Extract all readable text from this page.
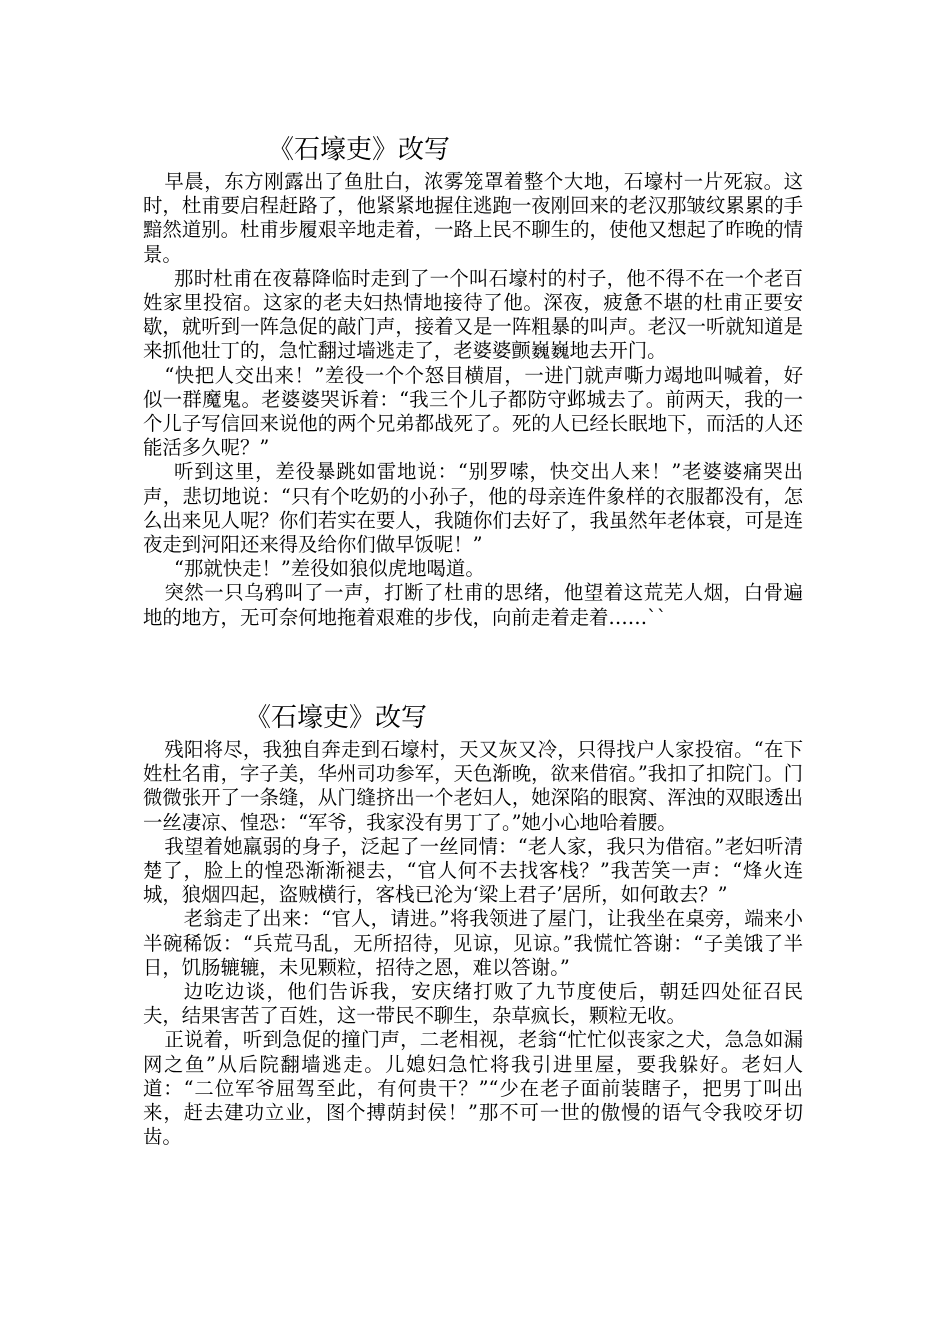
《石壕吏》改写

早晨，东方刚露出了鱼肚白，浓雾笼罩着整个大地，石壕村一片死寂。这时，杜甫要启程赶路了，他紧紧地握住逃跑一夜刚回来的老汉那皱纹累累的手黯然道别。杜甫步履艰辛地走着，一路上民不聊生的，使他又想起了昨晚的情景。

那时杜甫在夜幕降临时走到了一个叫石壕村的村子，他不得不在一个老百姓家里投宿。这家的老夫妇热情地接待了他。深夜，疲惫不堪的杜甫正要安歇，就听到一阵急促的敲门声，接着又是一阵粗暴的叫声。老汉一听就知道是来抓他壮丁的，急忙翻过墙逃走了，老婆婆颤巍巍地去开门。

“快把人交出来！”差役一个个怒目横眉，一进门就声嘶力竭地叫喊着，好似一群魔鬼。老婆婆哭诉着：“我三个儿子都防守邺城去了。前两天，我的一个儿子写信回来说他的两个兄弟都战死了。死的人已经长眠地下，而活的人还能活多久呢？”

听到这里，差役暴跳如雷地说：“别罗嗦，快交出人来！”老婆婆痛哭出声，悲切地说：“只有个吃奶的小孙子，他的母亲连件象样的衣服都没有，怎么出来见人呢？你们若实在要人，我随你们去好了，我虽然年老体衰，可是连夜走到河阳还来得及给你们做早饭呢！”

“那就快走！”差役如狼似虎地喝道。

突然一只乌鸦叫了一声，打断了杜甫的思绪，他望着这荒芜人烟，白骨遍地的地方，无可奈何地拖着艰难的步伐，向前走着走着……``

《石壕吏》改写

残阳将尽，我独自奔走到石壕村，天又灰又冷，只得找户人家投宿。“在下姓杜名甫，字子美，华州司功参军，天色渐晚，欲来借宿。”我扣了扣院门。门微微张开了一条缝，从门缝挤出一个老妇人，她深陷的眼窝、浑浊的双眼透出一丝凄凉、惶恐：“军爷，我家没有男丁了。”她小心地哈着腰。

我望着她羸弱的身子，泛起了一丝同情：“老人家，我只为借宿。”老妇听清楚了，脸上的惶恐渐渐褪去，“官人何不去找客栈？”我苦笑一声：“烽火连城，狼烟四起，盗贼横行，客栈已沦为‘梁上君子’居所，如何敢去？”

老翁走了出来：“官人，请进。”将我领进了屋门，让我坐在桌旁，端来小半碗稀饭：“兵荒马乱，无所招待，见谅，见谅。”我慌忙答谢：“子美饿了半日，饥肠辘辘，未见颗粒，招待之恩，难以答谢。”

边吃边谈，他们告诉我，安庆绪打败了九节度使后，朝廷四处征召民夫，结果害苦了百姓，这一带民不聊生，杂草疯长，颗粒无收。

正说着，听到急促的撞门声，二老相视，老翁“忙忙似丧家之犬，急急如漏网之鱼”从后院翻墙逃走。儿媳妇急忙将我引进里屋，要我躲好。老妇人道：“二位军爷屈驾至此，有何贵干？”“少在老子面前装瞎子，把男丁叫出来，赶去建功立业，图个搏荫封侯！”那不可一世的傲慢的语气令我咬牙切齿。
